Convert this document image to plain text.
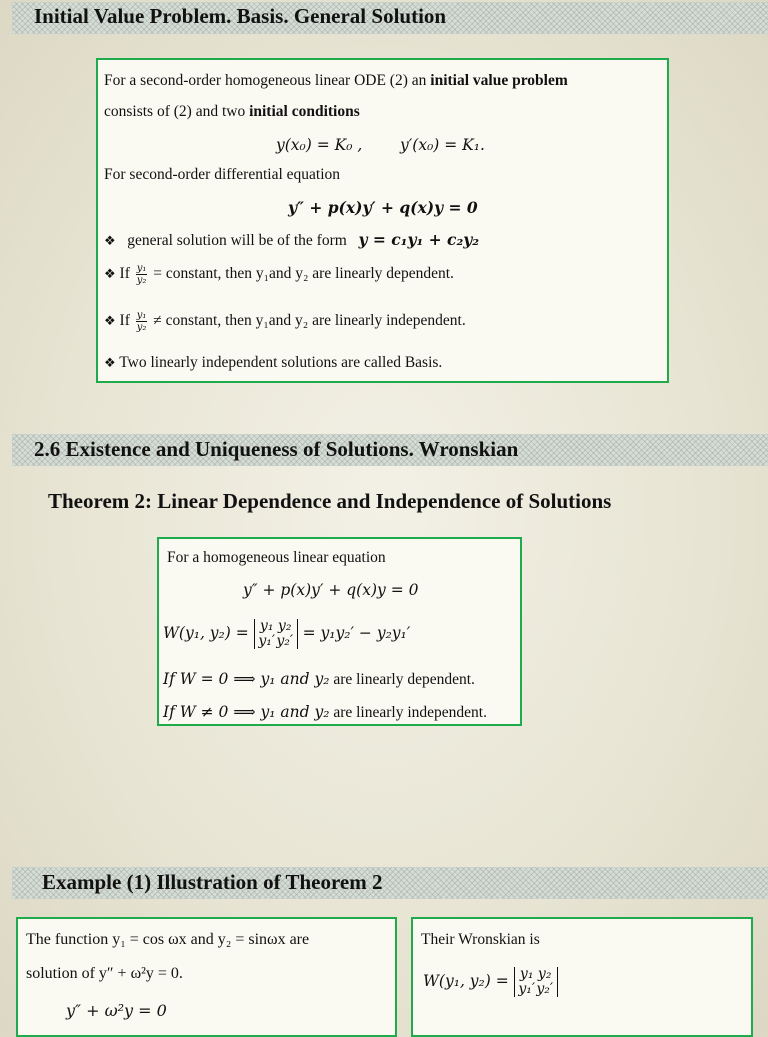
Initial Value Problem. Basis. General Solution
For a second-order homogeneous linear ODE (2) an initial value problem
consists of (2) and two initial conditions
y(x₀) = K₀ , y′(x₀) = K₁.
For second-order differential equation
y″ + p(x)y′ + q(x)y = 0
❖ general solution will be of the form y = c₁y₁ + c₂y₂
❖ If $\frac{\text{y₁}}{\text{y₂}}$ = constant, then y₁and y₂ are linearly dependent.
❖ If $\frac{\text{y₁}}{\text{y₂}}$ ≠ constant, then y₁and y₂ are linearly independent.
❖ Two linearly independent solutions are called Basis.
2.6 Existence and Uniqueness of Solutions. Wronskian
Theorem 2: Linear Dependence and Independence of Solutions
For a homogeneous linear equation
y″ + p(x)y′ + q(x)y = 0
W(y₁, y₂) = y₁ y₂
y₁′y₂′ = y₁y₂′ − y₂y₁′
If W = 0 ⟹ y₁ and y₂ are linearly dependent.
If W ≠ 0 ⟹ y₁ and y₂ are linearly independent.
Example (1) Illustration of Theorem 2
The function y₁ = cos ωx and y₂ = sinωx are
solution of y″ + ω²y = 0.
y″ + ω²y = 0
Their Wronskian is
W(y₁, y₂) = y₁ y₂
y₁′y₂′
